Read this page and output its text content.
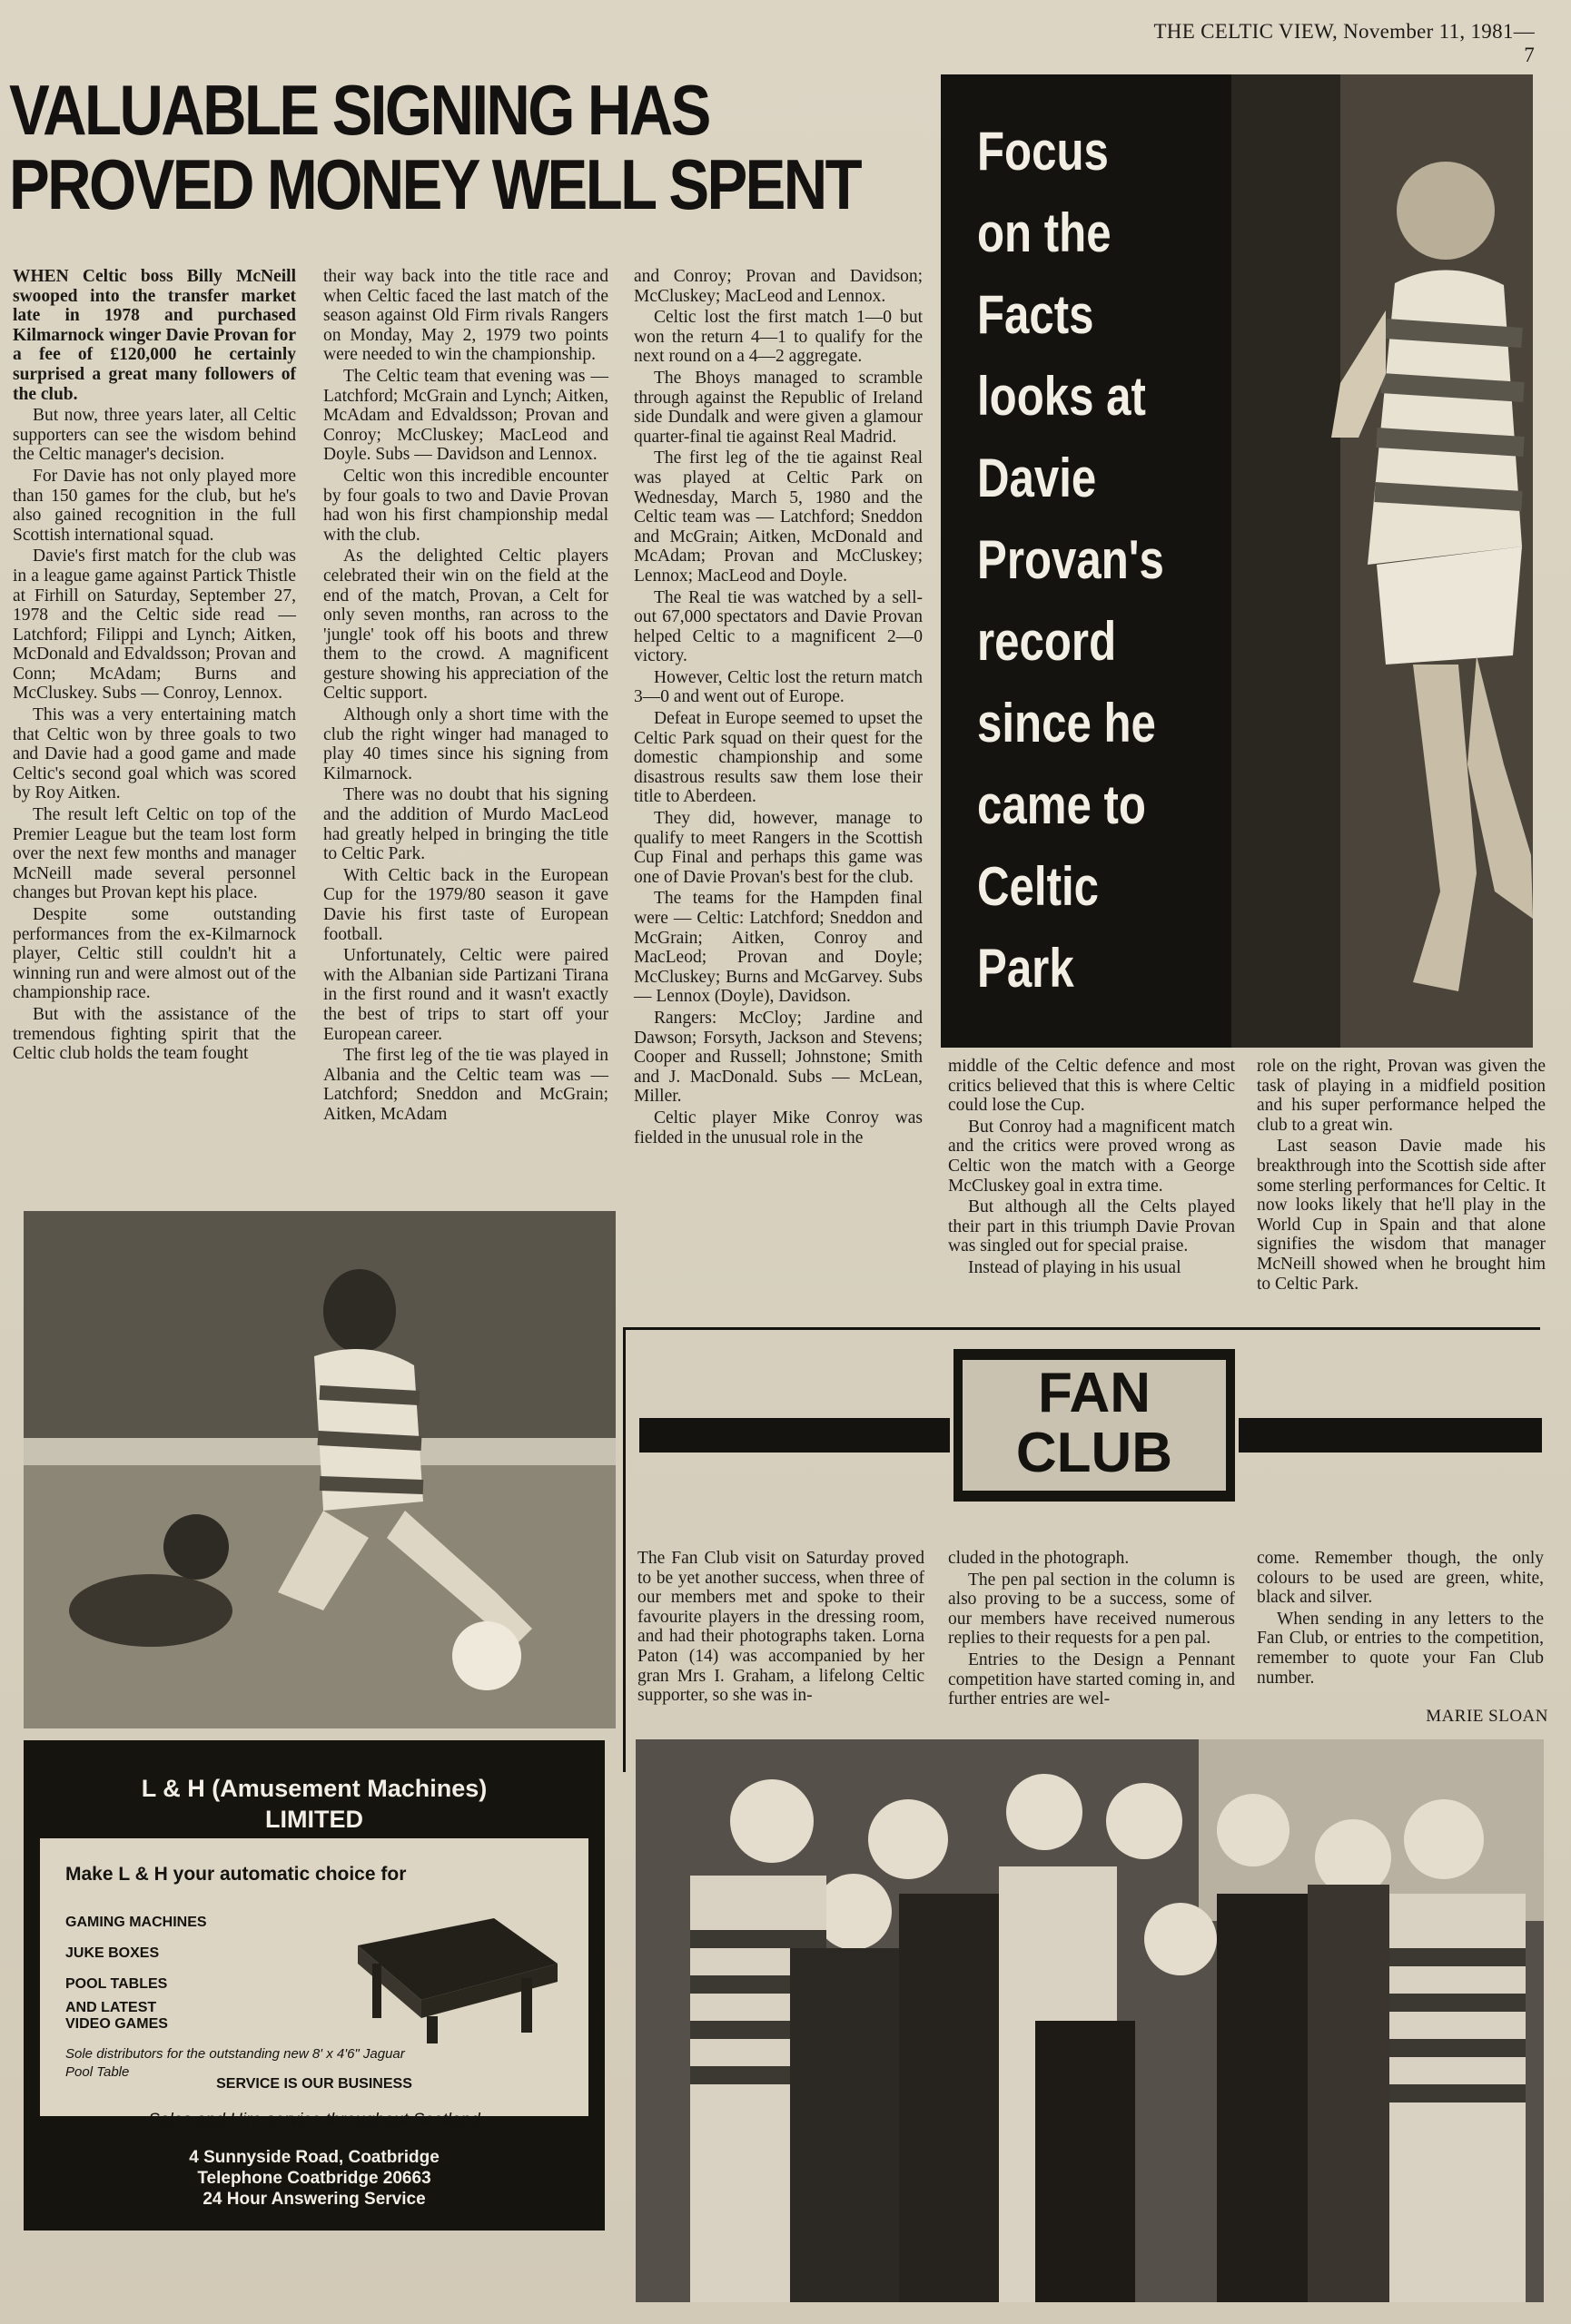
THE CELTIC VIEW, November 11, 1981—7
VALUABLE SIGNING HAS
PROVED MONEY WELL SPENT

WHEN Celtic boss Billy McNeill swooped into the transfer market late in 1978 and purchased Kilmarnock winger Davie Provan for a fee of £120,000 he certainly surprised a great many followers of the club.

But now, three years later, all Celtic supporters can see the wisdom behind the Celtic manager's decision.

For Davie has not only played more than 150 games for the club, but he's also gained recognition in the full Scottish international squad.

Davie's first match for the club was in a league game against Partick Thistle at Firhill on Saturday, September 27, 1978 and the Celtic side read — Latchford; Filippi and Lynch; Aitken, McDonald and Edvaldsson; Provan and Conn; McAdam; Burns and McCluskey. Subs — Conroy, Lennox.

This was a very entertaining match that Celtic won by three goals to two and Davie had a good game and made Celtic's second goal which was scored by Roy Aitken.

The result left Celtic on top of the Premier League but the team lost form over the next few months and manager McNeill made several personnel changes but Provan kept his place.

Despite some outstanding performances from the ex-Kilmarnock player, Celtic still couldn't hit a winning run and were almost out of the championship race.

But with the assistance of the tremendous fighting spirit that the Celtic club holds the team fought

their way back into the title race and when Celtic faced the last match of the season against Old Firm rivals Rangers on Monday, May 2, 1979 two points were needed to win the championship.

The Celtic team that evening was — Latchford; McGrain and Lynch; Aitken, McAdam and Edvaldsson; Provan and Conroy; McCluskey; MacLeod and Doyle. Subs — Davidson and Lennox.

Celtic won this incredible encounter by four goals to two and Davie Provan had won his first championship medal with the club.

As the delighted Celtic players celebrated their win on the field at the end of the match, Provan, a Celt for only seven months, ran across to the 'jungle' took off his boots and threw them to the crowd. A magnificent gesture showing his appreciation of the Celtic support.

Although only a short time with the club the right winger had managed to play 40 times since his signing from Kilmarnock.

There was no doubt that his signing and the addition of Murdo MacLeod had greatly helped in bringing the title to Celtic Park.

With Celtic back in the European Cup for the 1979/80 season it gave Davie his first taste of European football.

Unfortunately, Celtic were paired with the Albanian side Partizani Tirana in the first round and it wasn't exactly the best of trips to start off your European career.

The first leg of the tie was played in Albania and the Celtic team was — Latchford; Sneddon and McGrain; Aitken, McAdam

and Conroy; Provan and Davidson; McCluskey; MacLeod and Lennox.

Celtic lost the first match 1—0 but won the return 4—1 to qualify for the next round on a 4—2 aggregate.

The Bhoys managed to scramble through against the Republic of Ireland side Dundalk and were given a glamour quarter-final tie against Real Madrid.

The first leg of the tie against Real was played at Celtic Park on Wednesday, March 5, 1980 and the Celtic team was — Latchford; Sneddon and McGrain; Aitken, McDonald and McAdam; Provan and McCluskey; Lennox; MacLeod and Doyle.

The Real tie was watched by a sell-out 67,000 spectators and Davie Provan helped Celtic to a magnificent 2—0 victory.

However, Celtic lost the return match 3—0 and went out of Europe.

Defeat in Europe seemed to upset the Celtic Park squad on their quest for the domestic championship and some disastrous results saw them lose their title to Aberdeen.

They did, however, manage to qualify to meet Rangers in the Scottish Cup Final and perhaps this game was one of Davie Provan's best for the club.

The teams for the Hampden final were — Celtic: Latchford; Sneddon and McGrain; Aitken, Conroy and MacLeod; Provan and Doyle; McCluskey; Burns and McGarvey. Subs — Lennox (Doyle), Davidson.

Rangers: McCloy; Jardine and Dawson; Forsyth, Jackson and Stevens; Cooper and Russell; Johnstone; Smith and J. MacDonald. Subs — McLean, Miller.

Celtic player Mike Conroy was fielded in the unusual role in the

middle of the Celtic defence and most critics believed that this is where Celtic could lose the Cup.

But Conroy had a magnificent match and the critics were proved wrong as Celtic won the match with a George McCluskey goal in extra time.

But although all the Celts played their part in this triumph Davie Provan was singled out for special praise.

Instead of playing in his usual

role on the right, Provan was given the task of playing in a midfield position and his super performance helped the club to a great win.

Last season Davie made his breakthrough into the Scottish side after some sterling performances for Celtic. It now looks likely that he'll play in the World Cup in Spain and that alone signifies the wisdom that manager McNeill showed when he brought him to Celtic Park.

Focus
on the
Facts
looks at
Davie
Provan's
record
since he
came to
Celtic
Park
L & H (Amusement Machines)
LIMITED
Make L & H your automatic choice for
GAMING MACHINES
JUKE BOXES
POOL TABLES
AND LATEST
VIDEO GAMES
Sole distributors for the outstanding new 8' x 4'6" Jaguar Pool Table
SERVICE IS OUR BUSINESS
Sales and Hire service throughout Scotland
4 Sunnyside Road, Coatbridge
Telephone Coatbridge 20663
24 Hour Answering Service
FAN
CLUB

The Fan Club visit on Saturday proved to be yet another success, when three of our members met and spoke to their favourite players in the dressing room, and had their photographs taken. Lorna Paton (14) was accompanied by her gran Mrs I. Graham, a lifelong Celtic supporter, so she was in-

cluded in the photograph.

The pen pal section in the column is also proving to be a success, some of our members have received numerous replies to their requests for a pen pal.

Entries to the Design a Pennant competition have started coming in, and further entries are wel-

come. Remember though, the only colours to be used are green, white, black and silver.

When sending in any letters to the Fan Club, or entries to the competition, remember to quote your Fan Club number.

MARIE SLOAN
